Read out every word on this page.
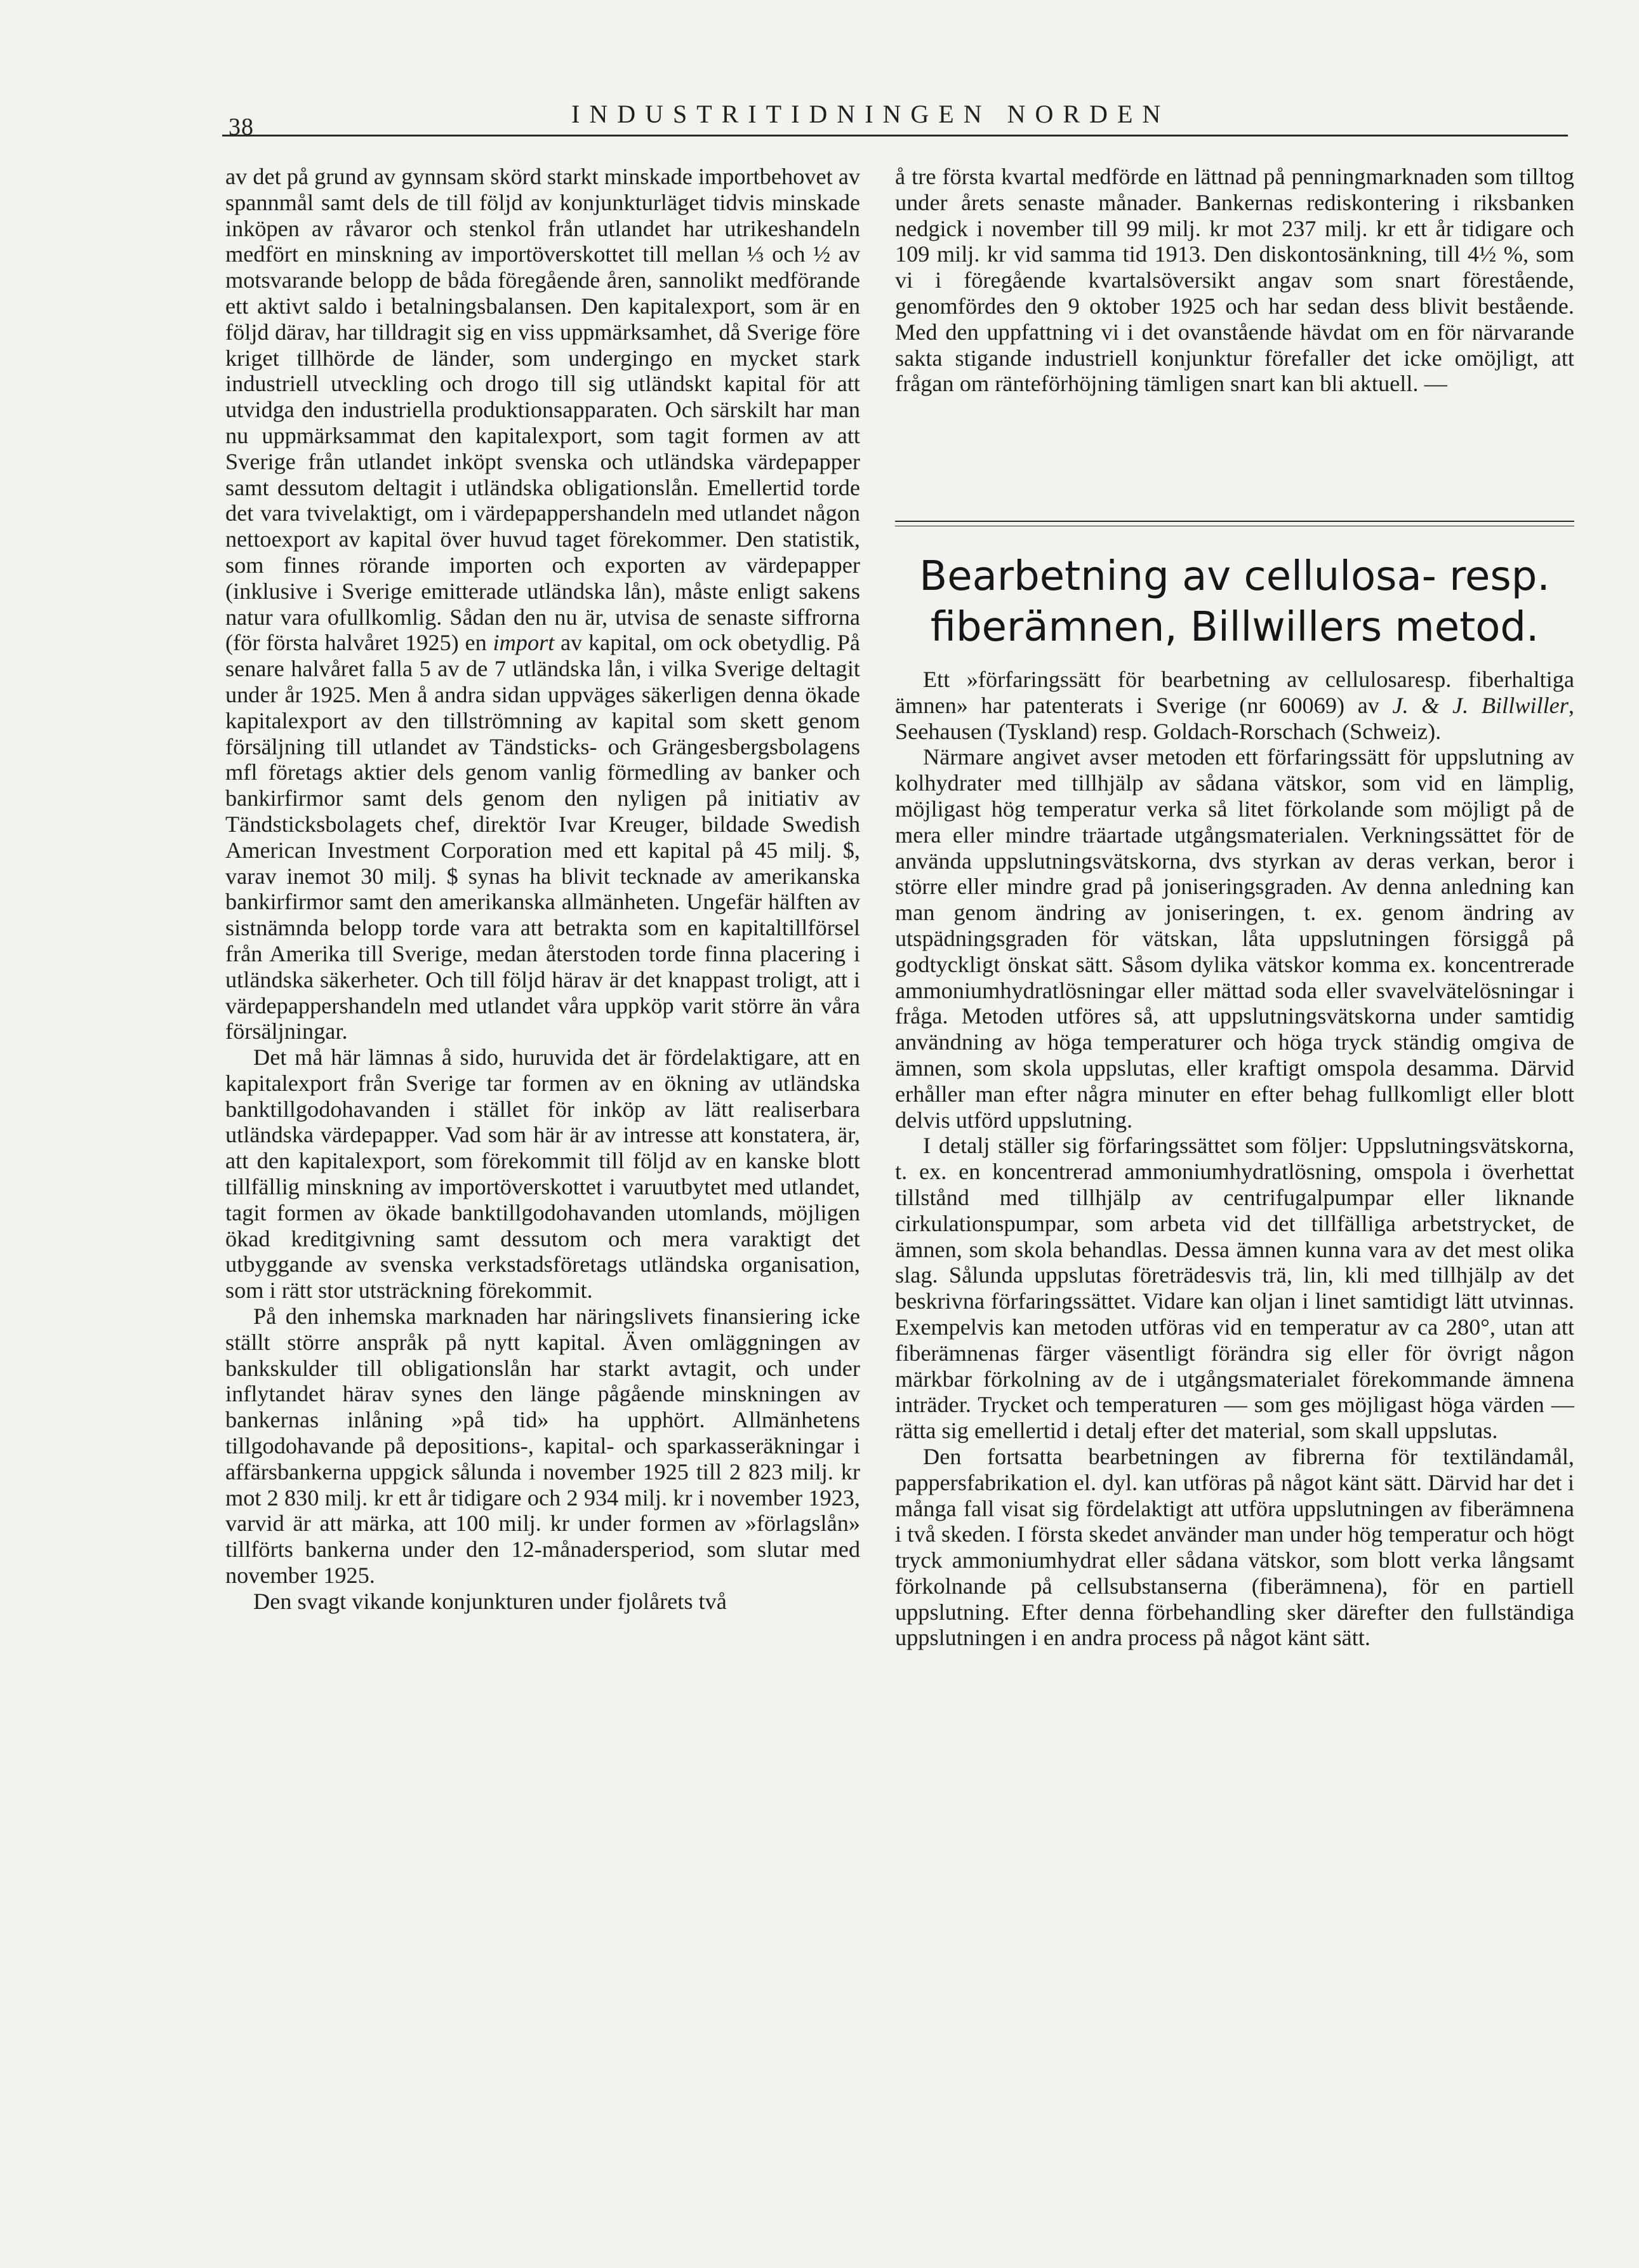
38	INDUSTRITIDNINGEN NORDEN

av det på grund av gynnsam skörd starkt minskade importbehovet av spannmål samt dels de till följd av konjunkturläget tidvis minskade inköpen av råvaror och stenkol från utlandet har utrikeshandeln medfört en minskning av importöverskottet till mellan ⅓ och ½ av motsvarande belopp de båda föregående åren, sannolikt medförande ett aktivt saldo i betalningsbalansen. Den kapitalexport, som är en följd därav, har tilldragit sig en viss uppmärksamhet, då Sverige före kriget tillhörde de länder, som undergingo en mycket stark industriell utveckling och drogo till sig utländskt kapital för att utvidga den industriella produktionsapparaten. Och särskilt har man nu uppmärksammat den kapitalexport, som tagit formen av att Sverige från utlandet inköpt svenska och utländska värdepapper samt dessutom deltagit i utländska obligationslån. Emellertid torde det vara tvivelaktigt, om i värdepappershandeln med utlandet någon nettoexport av kapital över huvud taget förekommer. Den statistik, som finnes rörande importen och exporten av värdepapper (inklusive i Sverige emitterade utländska lån), måste enligt sakens natur vara ofullkomlig. Sådan den nu är, utvisa de senaste siffrorna (för första halvåret 1925) en import av kapital, om ock obetydlig. På senare halvåret falla 5 av de 7 utländska lån, i vilka Sverige deltagit under år 1925. Men å andra sidan uppväges säkerligen denna ökade kapitalexport av den tillströmning av kapital som skett genom försäljning till utlandet av Tändsticks- och Grängesbergsbolagens mfl företags aktier dels genom vanlig förmedling av banker och bankirfirmor samt dels genom den nyligen på initiativ av Tändsticksbolagets chef, direktör Ivar Kreuger, bildade Swedish American Investment Corporation med ett kapital på 45 milj. $, varav inemot 30 milj. $ synas ha blivit tecknade av amerikanska bankirfirmor samt den amerikanska allmänheten. Ungefär hälften av sistnämnda belopp torde vara att betrakta som en kapitaltillförsel från Amerika till Sverige, medan återstoden torde finna placering i utländska säkerheter. Och till följd härav är det knappast troligt, att i värdepappershandeln med utlandet våra uppköp varit större än våra försäljningar.

Det må här lämnas å sido, huruvida det är fördelaktigare, att en kapitalexport från Sverige tar formen av en ökning av utländska banktillgodohavanden i stället för inköp av lätt realiserbara utländska värdepapper. Vad som här är av intresse att konstatera, är, att den kapitalexport, som förekommit till följd av en kanske blott tillfällig minskning av importöverskottet i varuutbytet med utlandet, tagit formen av ökade banktillgodohavanden utomlands, möjligen ökad kreditgivning samt dessutom och mera varaktigt det utbyggande av svenska verkstadsföretags utländska organisation, som i rätt stor utsträckning förekommit.

På den inhemska marknaden har näringslivets finansiering icke ställt större anspråk på nytt kapital. Även omläggningen av bankskulder till obligationslån har starkt avtagit, och under inflytandet härav synes den länge pågående minskningen av bankernas inlåning »på tid» ha upphört. Allmänhetens tillgodohavande på depositions-, kapital- och sparkasseräkningar i affärsbankerna uppgick sålunda i november 1925 till 2 823 milj. kr mot 2 830 milj. kr ett år tidigare och 2 934 milj. kr i november 1923, varvid är att märka, att 100 milj. kr under formen av »förlagslån» tillförts bankerna under den 12-månadersperiod, som slutar med november 1925.

Den svagt vikande konjunkturen under fjolårets två

å tre första kvartal medförde en lättnad på penningmarknaden som tilltog under årets senaste månader. Bankernas rediskontering i riksbanken nedgick i november till 99 milj. kr mot 237 milj. kr ett år tidigare och 109 milj. kr vid samma tid 1913. Den diskontosänkning, till 4½ %, som vi i föregående kvartalsöversikt angav som snart förestående, genomfördes den 9 oktober 1925 och har sedan dess blivit bestående. Med den uppfattning vi i det ovanstående hävdat om en för närvarande sakta stigande industriell konjunktur förefaller det icke omöjligt, att frågan om ränteförhöjning tämligen snart kan bli aktuell. —

Bearbetning av cellulosa- resp.
fiberämnen, Billwillers metod.

Ett »förfaringssätt för bearbetning av cellulosaresp. fiberhaltiga ämnen» har patenterats i Sverige (nr 60069) av J. & J. Billwiller, Seehausen (Tyskland) resp. Goldach-Rorschach (Schweiz).

Närmare angivet avser metoden ett förfaringssätt för uppslutning av kolhydrater med tillhjälp av sådana vätskor, som vid en lämplig, möjligast hög temperatur verka så litet förkolande som möjligt på de mera eller mindre träartade utgångsmaterialen. Verkningssättet för de använda uppslutningsvätskorna, dvs styrkan av deras verkan, beror i större eller mindre grad på joniseringsgraden. Av denna anledning kan man genom ändring av joniseringen, t. ex. genom ändring av utspädningsgraden för vätskan, låta uppslutningen försiggå på godtyckligt önskat sätt. Såsom dylika vätskor komma ex. koncentrerade ammoniumhydratlösningar eller mättad soda eller svavelvätelösningar i fråga. Metoden utföres så, att uppslutningsvätskorna under samtidig användning av höga temperaturer och höga tryck ständig omgiva de ämnen, som skola uppslutas, eller kraftigt omspola desamma. Därvid erhåller man efter några minuter en efter behag fullkomligt eller blott delvis utförd uppslutning.

I detalj ställer sig förfaringssättet som följer: Uppslutningsvätskorna, t. ex. en koncentrerad ammoniumhydratlösning, omspola i överhettat tillstånd med tillhjälp av centrifugalpumpar eller liknande cirkulationspumpar, som arbeta vid det tillfälliga arbetstrycket, de ämnen, som skola behandlas. Dessa ämnen kunna vara av det mest olika slag. Sålunda uppslutas företrädesvis trä, lin, kli med tillhjälp av det beskrivna förfaringssättet. Vidare kan oljan i linet samtidigt lätt utvinnas. Exempelvis kan metoden utföras vid en temperatur av ca 280°, utan att fiberämnenas färger väsentligt förändra sig eller för övrigt någon märkbar förkolning av de i utgångsmaterialet förekommande ämnena inträder. Trycket och temperaturen — som ges möjligast höga värden — rätta sig emellertid i detalj efter det material, som skall uppslutas.

Den fortsatta bearbetningen av fibrerna för textiländamål, pappersfabrikation el. dyl. kan utföras på något känt sätt. Därvid har det i många fall visat sig fördelaktigt att utföra uppslutningen av fiberämnena i två skeden. I första skedet använder man under hög temperatur och högt tryck ammoniumhydrat eller sådana vätskor, som blott verka långsamt förkolnande på cellsubstanserna (fiberämnena), för en partiell uppslutning. Efter denna förbehandling sker därefter den fullständiga uppslutningen i en andra process på något känt sätt.
